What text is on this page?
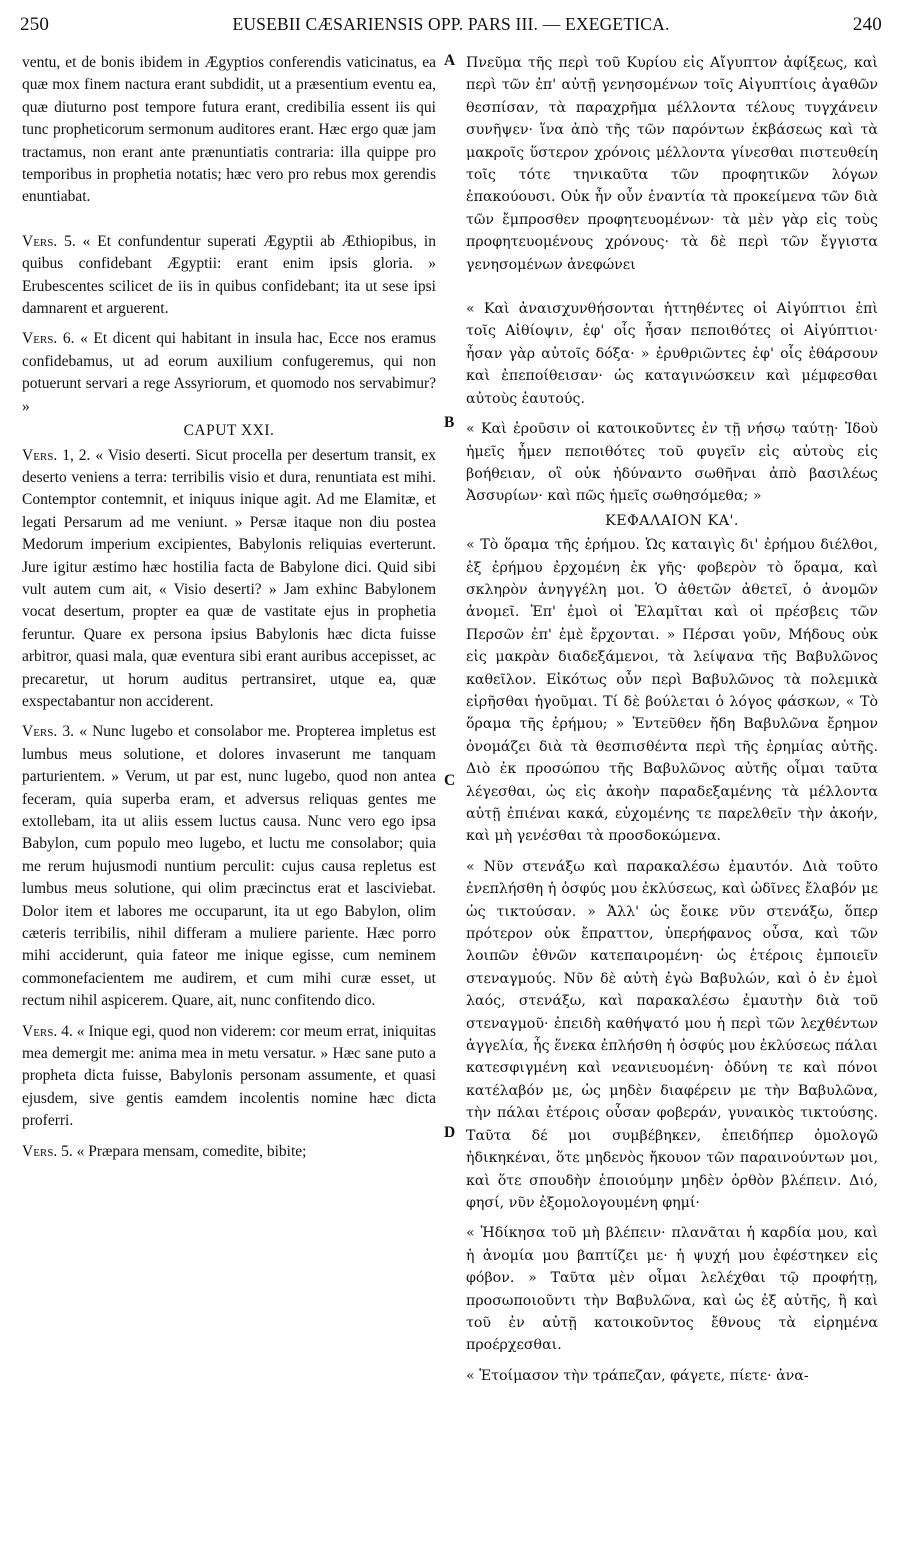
250	EUSEBII CÆSARIENSIS OPP. PARS III. — EXEGETICA.	240

ventu, et de bonis ibidem in Ægyptios conferendis vaticinatus, ea quæ mox finem nactura erant subdidit, ut a præsentium eventu ea, quæ diuturno post tempore futura erant, credibilia essent iis qui tunc propheticorum sermonum auditores erant. Hæc ergo quæ jam tractamus, non erant ante prænuntiatis contraria: illa quippe pro temporibus in prophetia notatis; hæc vero pro rebus mox gerendis enuntiabat.

Vers. 5. « Et confundentur superati Ægyptii ab Æthiopibus, in quibus confidebant Ægyptii: erant enim ipsis gloria. » Erubescentes scilicet de iis in quibus confidebant; ita ut sese ipsi damnarent et arguerent.

Vers. 6. « Et dicent qui habitant in insula hac, Ecce nos eramus confidebamus, ut ad eorum auxilium confugeremus, qui non potuerunt servari a rege Assyriorum, et quomodo nos servabimur? »

CAPUT XXI.

Vers. 1, 2. « Visio deserti. Sicut procella per desertum transit, ex deserto veniens a terra: terribilis visio et dura, renuntiata est mihi. Contemptor contemnit, et iniquus inique agit. Ad me Elamitæ, et legati Persarum ad me veniunt. » Persæ itaque non diu postea Medorum imperium excipientes, Babylonis reliquias everterunt. Jure igitur æstimo hæc hostilia facta de Babylone dici. Quid sibi vult autem cum ait, « Visio deserti? » Jam exhinc Babylonem vocat desertum, propter ea quæ de vastitate ejus in prophetia feruntur. Quare ex persona ipsius Babylonis hæc dicta fuisse arbitror, quasi mala, quæ eventura sibi erant auribus accepisset, ac precaretur, ut horum auditus pertransiret, utque ea, quæ exspectabantur non acciderent.

Vers. 3. « Nunc lugebo et consolabor me. Propterea impletus est lumbus meus solutione, et dolores invaserunt me tanquam parturientem. » Verum, ut par est, nunc lugebo, quod non antea feceram, quia superba eram, et adversus reliquas gentes me extollebam, ita ut aliis essem luctus causa. Nunc vero ego ipsa Babylon, cum populo meo lugebo, et luctu me consolabor; quia me rerum hujusmodi nuntium perculit: cujus causa repletus est lumbus meus solutione, qui olim præcinctus erat et lasciviebat. Dolor item et labores me occuparunt, ita ut ego Babylon, olim cæteris terribilis, nihil differam a muliere pariente. Hæc porro mihi acciderunt, quia fateor me inique egisse, cum neminem commonefacientem me audirem, et cum mihi curæ esset, ut rectum nihil aspicerem. Quare, ait, nunc confitendo dico.

Vers. 4. « Inique egi, quod non viderem: cor meum errat, iniquitas mea demergit me: anima mea in metu versatur. » Hæc sane puto a propheta dicta fuisse, Babylonis personam assumente, et quasi ejusdem, sive gentis eamdem incolentis nomine hæc dicta proferri.

Vers. 5. « Præpara mensam, comedite, bibite;

Πνεῦμα τῆς περὶ τοῦ Κυρίου εἰς Αἴγυπτον ἀφίξεως, καὶ περὶ τῶν ἐπ' αὐτῇ γενησομένων τοῖς Αἰγυπτίοις ἀγαθῶν θεσπίσαν, τὰ παραχρῆμα μέλλοντα τέλους τυγχάνειν συνῆψεν· ἵνα ἀπὸ τῆς τῶν παρόντων ἐκβάσεως καὶ τὰ μακροῖς ὕστερον χρόνοις μέλλοντα γίνεσθαι πιστευθείη τοῖς τότε τηνικαῦτα τῶν προφητικῶν λόγων ἐπακούουσι. Οὐκ ἦν οὖν ἐναντία τὰ προκείμενα τῶν διὰ τῶν ἔμπροσθεν προφητευομένων· τὰ μὲν γὰρ εἰς τοὺς προφητευομένους χρόνους· τὰ δὲ περὶ τῶν ἔγγιστα γενησομένων ἀνεφώνει

« Καὶ ἀναισχυνθήσονται ἡττηθέντες οἱ Αἰγύπτιοι ἐπὶ τοῖς Αἰθίοψιν, ἐφ' οἷς ἦσαν πεποιθότες οἱ Αἰγύπτιοι· ἦσαν γὰρ αὐτοῖς δόξα· » ἐρυθριῶντες ἐφ' οἷς ἐθάρσουν καὶ ἐπεποίθεισαν· ὡς καταγινώσκειν καὶ μέμφεσθαι αὐτοὺς ἑαυτούς.

« Καὶ ἐροῦσιν οἱ κατοικοῦντες ἐν τῇ νήσῳ ταύτῃ· Ἰδοὺ ἡμεῖς ἦμεν πεποιθότες τοῦ φυγεῖν εἰς αὐτοὺς εἰς βοήθειαν, οἳ οὐκ ἠδύναντο σωθῆναι ἀπὸ βασιλέως Ἀσσυρίων· καὶ πῶς ἡμεῖς σωθησόμεθα; »

ΚΕΦΑΛΑΙΟΝ ΚΑ'.

« Τὸ ὅραμα τῆς ἐρήμου. Ὡς καταιγὶς δι' ἐρήμου διέλθοι, ἐξ ἐρήμου ἐρχομένη ἐκ γῆς· φοβερὸν τὸ ὅραμα, καὶ σκληρὸν ἀνηγγέλη μοι. Ὁ ἀθετῶν ἀθετεῖ, ὁ ἀνομῶν ἀνομεῖ. Ἐπ' ἐμοὶ οἱ Ἐλαμῖται καὶ οἱ πρέσβεις τῶν Περσῶν ἐπ' ἐμὲ ἔρχονται. » Πέρσαι γοῦν, Μήδους οὐκ εἰς μακρὰν διαδεξάμενοι, τὰ λείψανα τῆς Βαβυλῶνος καθεῖλον. Εἰκότως οὖν περὶ Βαβυλῶνος τὰ πολεμικὰ εἰρῆσθαι ἡγοῦμαι. Τί δὲ βούλεται ὁ λόγος φάσκων, « Τὸ ὅραμα τῆς ἐρήμου; » Ἐντεῦθεν ἤδη Βαβυλῶνα ἔρημον ὀνομάζει διὰ τὰ θεσπισθέντα περὶ τῆς ἐρημίας αὐτῆς. Διὸ ἐκ προσώπου τῆς Βαβυλῶνος αὐτῆς οἶμαι ταῦτα λέγεσθαι, ὡς εἰς ἀκοὴν παραδεξαμένης τὰ μέλλοντα αὐτῇ ἐπιέναι κακά, εὐχομένης τε παρελθεῖν τὴν ἀκοήν, καὶ μὴ γενέσθαι τὰ προσδοκώμενα.

« Νῦν στενάξω καὶ παρακαλέσω ἐμαυτόν. Διὰ τοῦτο ἐνεπλήσθη ἡ ὀσφύς μου ἐκλύσεως, καὶ ὠδῖνες ἔλαβόν με ὡς τικτούσαν. » Ἀλλ' ὡς ἔοικε νῦν στενάξω, ὅπερ πρότερον οὐκ ἔπραττον, ὑπερήφανος οὖσα, καὶ τῶν λοιπῶν ἐθνῶν κατεπαιρομένη· ὡς ἑτέροις ἐμποιεῖν στεναγμούς. Νῦν δὲ αὐτὴ ἐγὼ Βαβυλών, καὶ ὁ ἐν ἐμοὶ λαός, στενάξω, καὶ παρακαλέσω ἐμαυτὴν διὰ τοῦ στεναγμοῦ· ἐπειδὴ καθήψατό μου ἡ περὶ τῶν λεχθέντων ἀγγελία, ἧς ἕνεκα ἐπλήσθη ἡ ὀσφύς μου ἐκλύσεως πάλαι κατεσφιγμένη καὶ νεανιευομένη· ὀδύνη τε καὶ πόνοι κατέλαβόν με, ὡς μηδὲν διαφέρειν με τὴν Βαβυλῶνα, τὴν πάλαι ἑτέροις οὖσαν φοβεράν, γυναικὸς τικτούσης. Ταῦτα δέ μοι συμβέβηκεν, ἐπειδήπερ ὁμολογῶ ἠδικηκέναι, ὅτε μηδενὸς ἤκουον τῶν παραινούντων μοι, καὶ ὅτε σπουδὴν ἐποιούμην μηδὲν ὀρθὸν βλέπειν. Διό, φησί, νῦν ἐξομολογουμένη φημί·

« Ἠδίκησα τοῦ μὴ βλέπειν· πλανᾶται ἡ καρδία μου, καὶ ἡ ἀνομία μου βαπτίζει με· ἡ ψυχή μου ἐφέστηκεν εἰς φόβον. » Ταῦτα μὲν οἶμαι λελέχθαι τῷ προφήτῃ, προσωποιοῦντι τὴν Βαβυλῶνα, καὶ ὡς ἐξ αὐτῆς, ἢ καὶ τοῦ ἐν αὐτῇ κατοικοῦντος ἔθνους τὰ εἰρημένα προέρχεσθαι.

« Ἑτοίμασον τὴν τράπεζαν, φάγετε, πίετε· ἀνα-

A
B
C
D
